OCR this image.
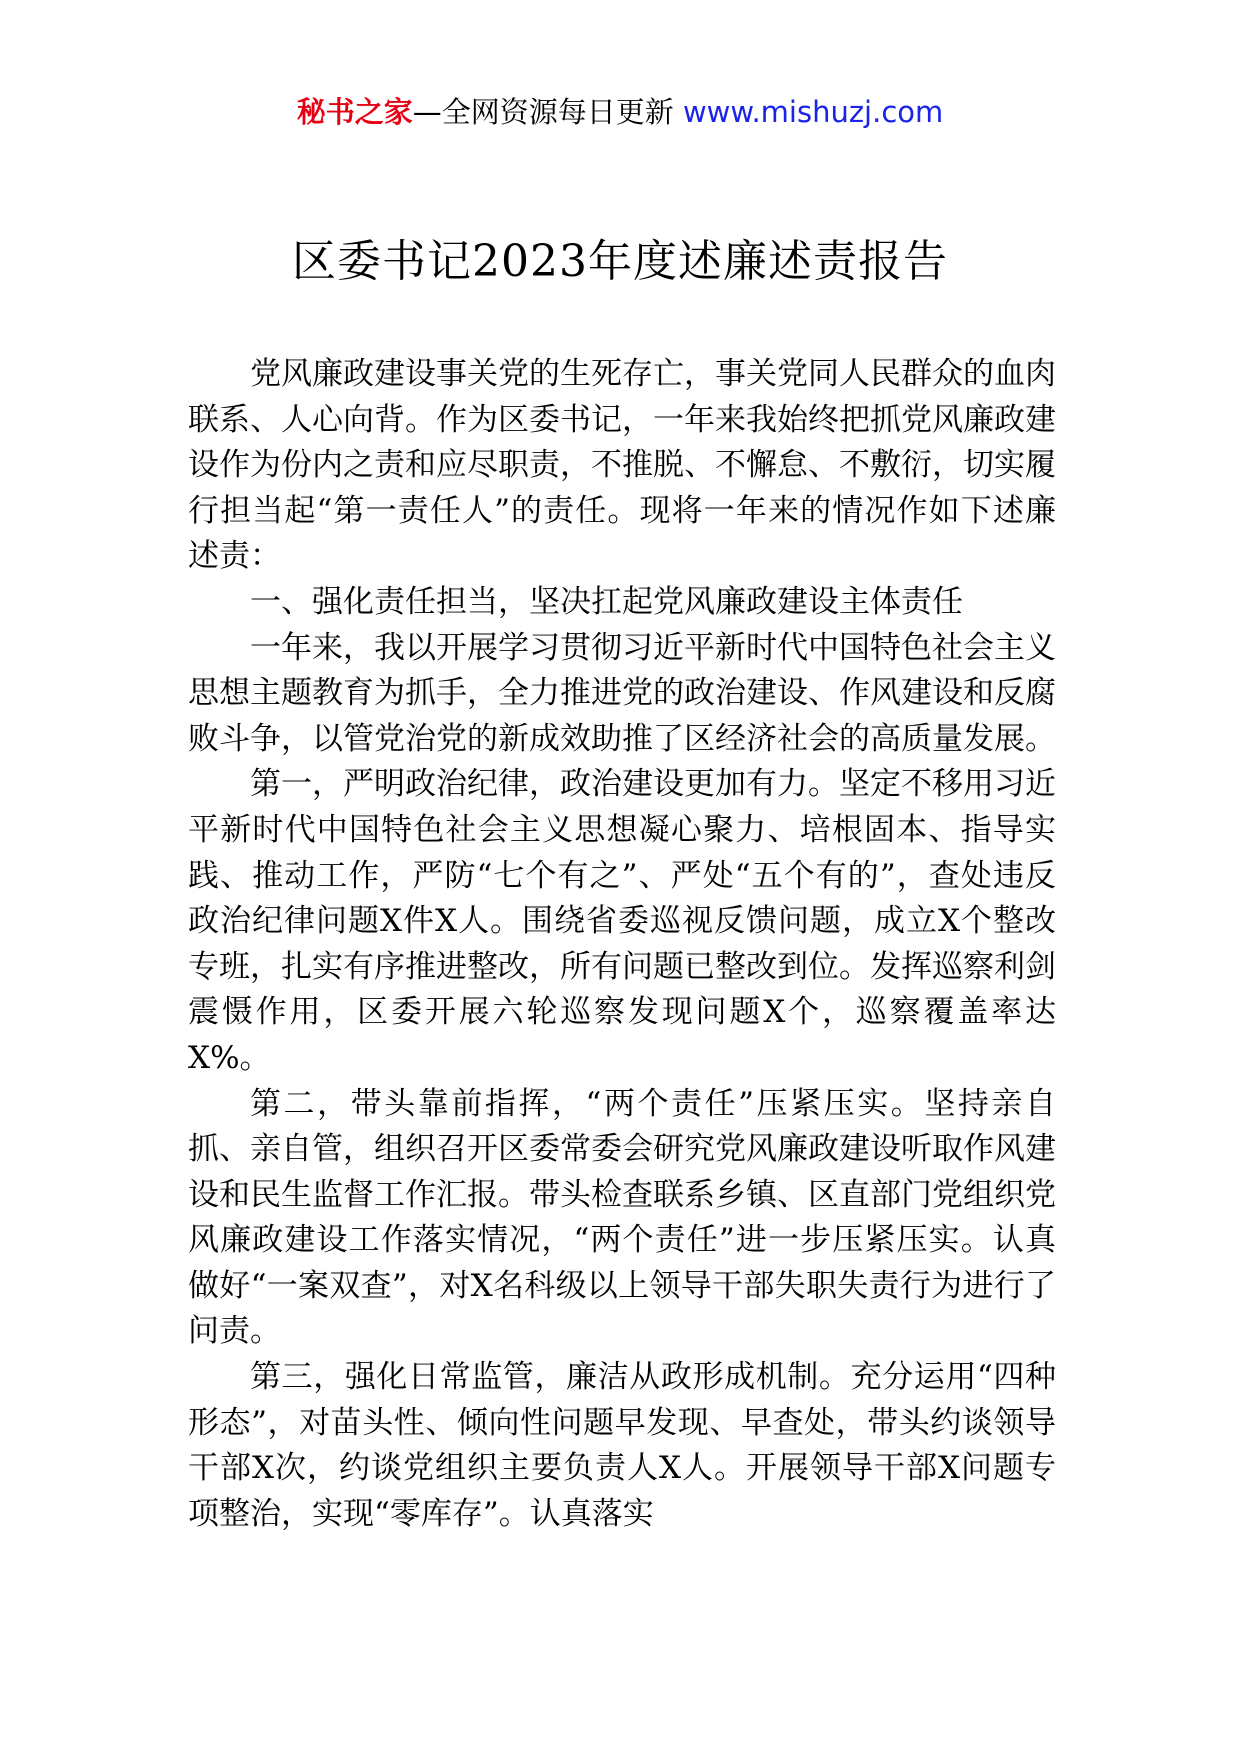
秘书之家—全网资源每日更新 www.mishuzj.com
区委书记2023年度述廉述责报告

党风廉政建设事关党的生死存亡，事关党同人民群众的血肉联系、人心向背。作为区委书记，一年来我始终把抓党风廉政建设作为份内之责和应尽职责，不推脱、不懈怠、不敷衍，切实履行担当起“第一责任人”的责任。现将一年来的情况作如下述廉述责：

一、强化责任担当，坚决扛起党风廉政建设主体责任

一年来，我以开展学习贯彻习近平新时代中国特色社会主义思想主题教育为抓手，全力推进党的政治建设、作风建设和反腐败斗争，以管党治党的新成效助推了区经济社会的高质量发展。

第一，严明政治纪律，政治建设更加有力。坚定不移用习近平新时代中国特色社会主义思想凝心聚力、培根固本、指导实践、推动工作，严防“七个有之”、严处“五个有的”，查处违反政治纪律问题X件X人。围绕省委巡视反馈问题，成立X个整改专班，扎实有序推进整改，所有问题已整改到位。发挥巡察利剑震慑作用，区委开展六轮巡察发现问题X个，巡察覆盖率达X%。

第二，带头靠前指挥，“两个责任”压紧压实。坚持亲自抓、亲自管，组织召开区委常委会研究党风廉政建设听取作风建设和民生监督工作汇报。带头检查联系乡镇、区直部门党组织党风廉政建设工作落实情况，“两个责任”进一步压紧压实。认真做好“一案双查”，对X名科级以上领导干部失职失责行为进行了问责。

第三，强化日常监管，廉洁从政形成机制。充分运用“四种形态”，对苗头性、倾向性问题早发现、早查处，带头约谈领导干部X次，约谈党组织主要负责人X人。开展领导干部X问题专项整治，实现“零库存”。认真落实
